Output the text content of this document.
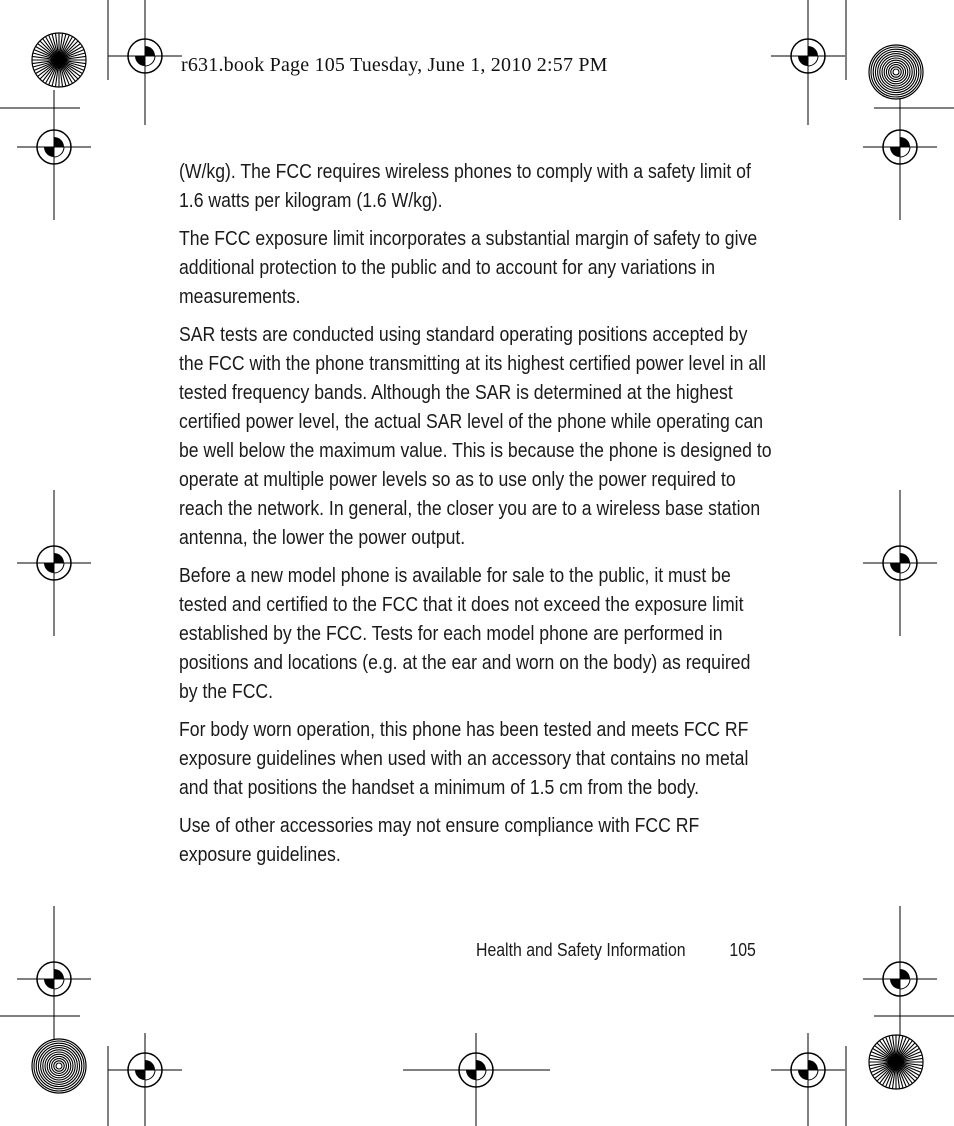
r631.book Page 105 Tuesday, June 1, 2010 2:57 PM

(W/kg). The FCC requires wireless phones to comply with a safety limit of 1.6 watts per kilogram (1.6 W/kg).

The FCC exposure limit incorporates a substantial margin of safety to give additional protection to the public and to account for any variations in measurements.

SAR tests are conducted using standard operating positions accepted by the FCC with the phone transmitting at its highest certified power level in all tested frequency bands. Although the SAR is determined at the highest certified power level, the actual SAR level of the phone while operating can be well below the maximum value. This is because the phone is designed to operate at multiple power levels so as to use only the power required to reach the network. In general, the closer you are to a wireless base station antenna, the lower the power output.

Before a new model phone is available for sale to the public, it must be tested and certified to the FCC that it does not exceed the exposure limit established by the FCC. Tests for each model phone are performed in positions and locations (e.g. at the ear and worn on the body) as required by the FCC.

For body worn operation, this phone has been tested and meets FCC RF exposure guidelines when used with an accessory that contains no metal and that positions the handset a minimum of 1.5 cm from the body.

Use of other accessories may not ensure compliance with FCC RF exposure guidelines.

Health and Safety Information 105
